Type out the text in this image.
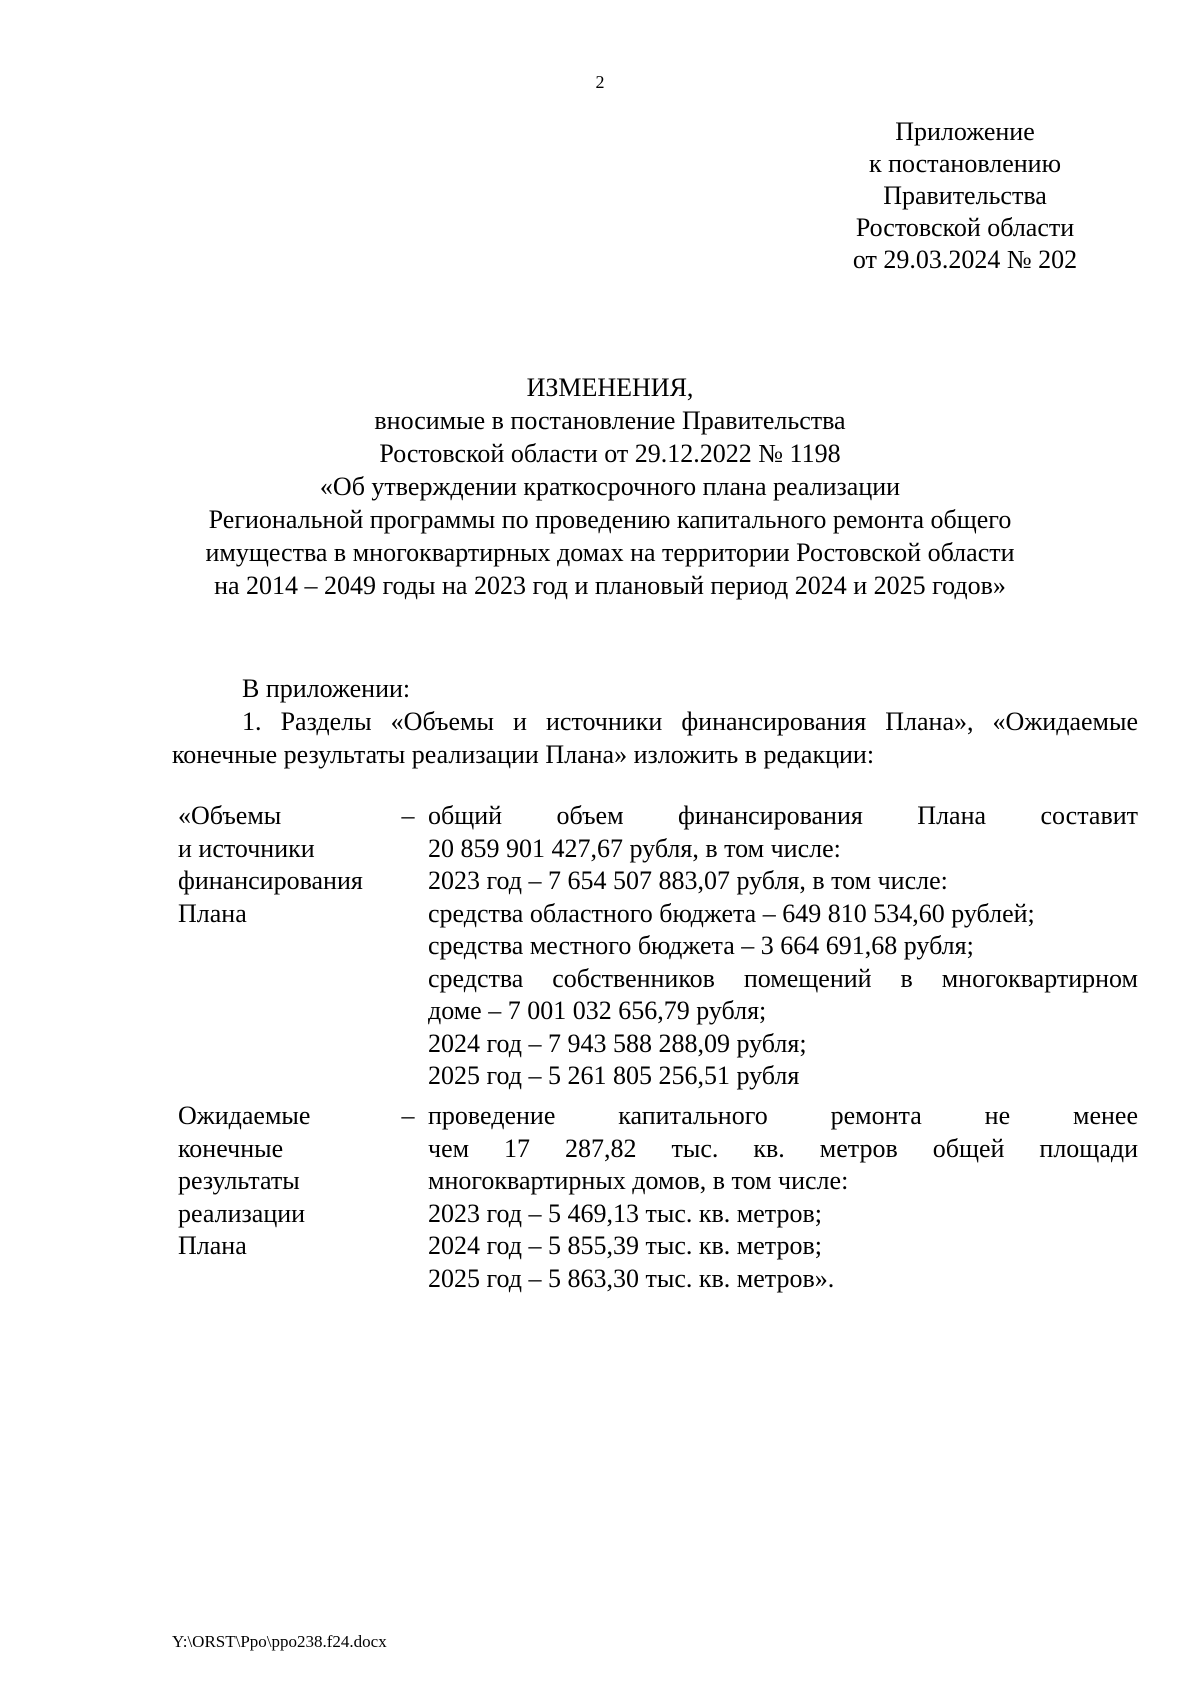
2
Приложение
к постановлению
Правительства
Ростовской области
от 29.03.2024 № 202
ИЗМЕНЕНИЯ,
вносимые в постановление Правительства
Ростовской области от 29.12.2022 № 1198
«Об утверждении краткосрочного плана реализации
Региональной программы по проведению капитального ремонта общего
имущества в многоквартирных домах на территории Ростовской области
на 2014 – 2049 годы на 2023 год и плановый период 2024 и 2025 годов»
В приложении:
1. Разделы «Объемы и источники финансирования Плана», «Ожидаемые
конечные результаты реализации Плана» изложить в редакции:
«Объемы
и источники
финансирования
Плана
– общий объем финансирования Плана составит
20 859 901 427,67 рубля, в том числе:
2023 год – 7 654 507 883,07 рубля, в том числе:
средства областного бюджета – 649 810 534,60 рублей;
средства местного бюджета – 3 664 691,68 рубля;
средства собственников помещений в многоквартирном
доме – 7 001 032 656,79 рубля;
2024 год – 7 943 588 288,09 рубля;
2025 год – 5 261 805 256,51 рубля
Ожидаемые
конечные
результаты
реализации
Плана
– проведение капитального ремонта не менее
чем 17 287,82 тыс. кв. метров общей площади
многоквартирных домов, в том числе:
2023 год – 5 469,13 тыс. кв. метров;
2024 год – 5 855,39 тыс. кв. метров;
2025 год – 5 863,30 тыс. кв. метров».
Y:\ORST\Ppo\ppo238.f24.docx
